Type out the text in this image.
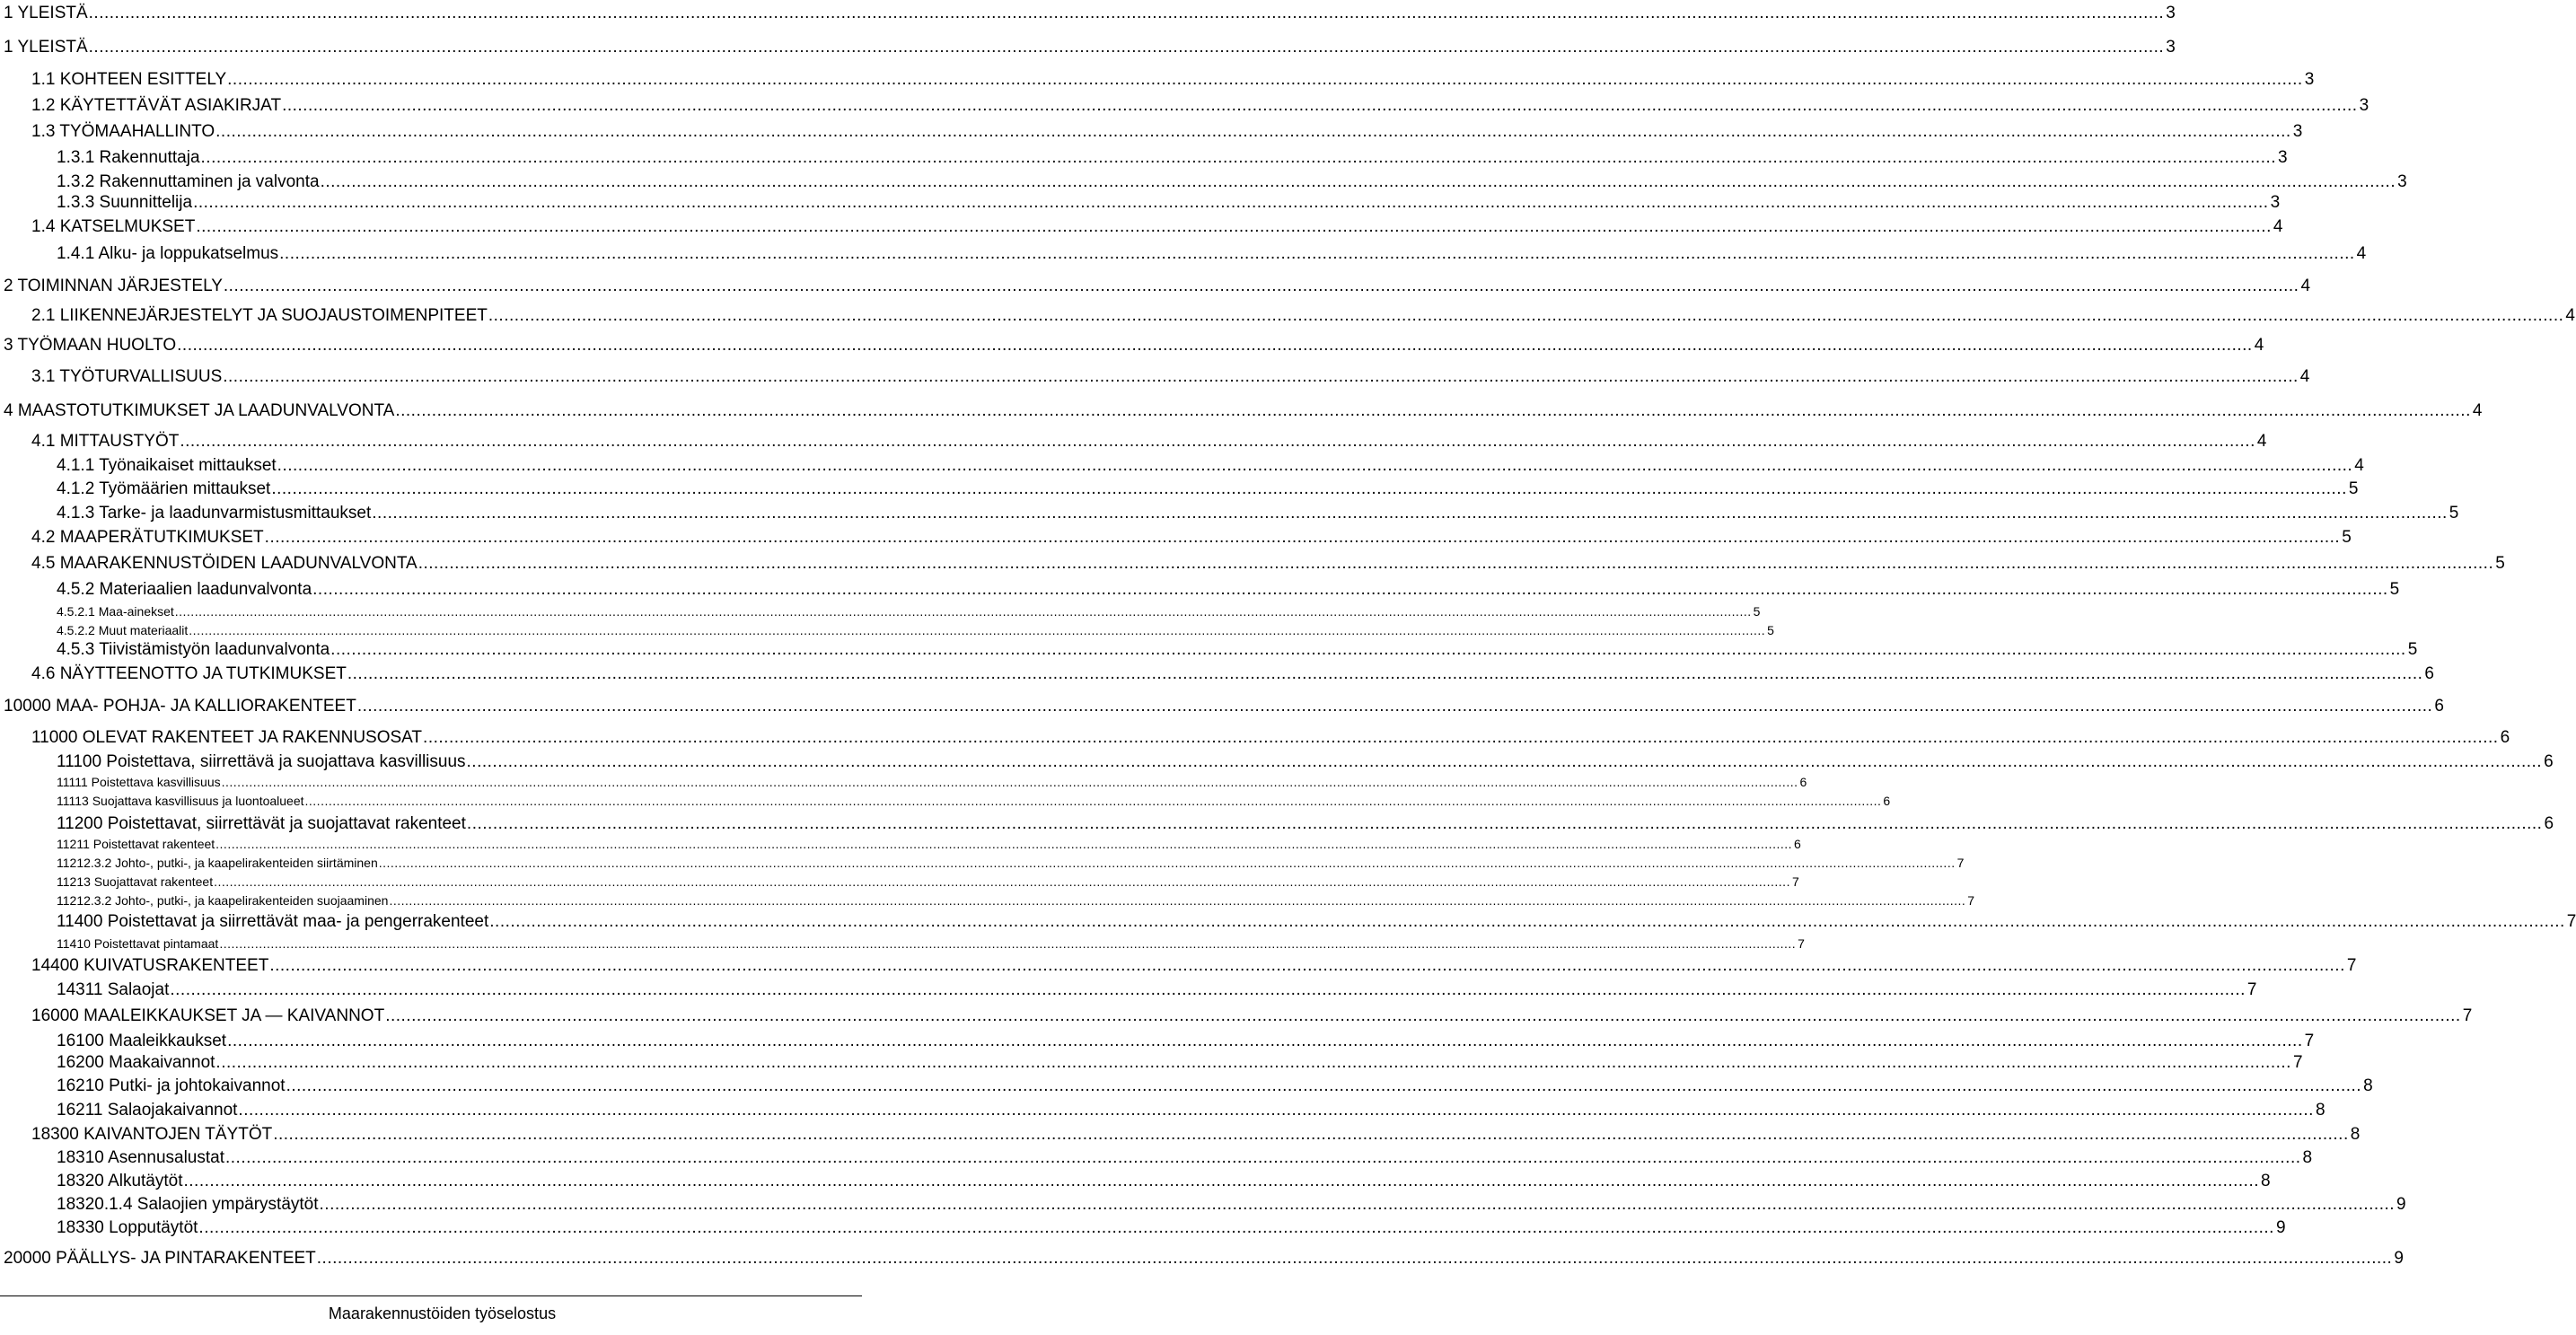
1 YLEISTÄ ................................................................................................................................................................................................................................................................................................................................................................................................................ 3
1 YLEISTÄ ................................................................................................................................................................................................................................................................................................................................................................................................................ 3
1.1 KOHTEEN ESITTELY ................................................................................................................................................................................................................................................................................................................................................................................................................ 3
1.2 KÄYTETTÄVÄT ASIAKIRJAT ................................................................................................................................................................................................................................................................................................................................................................................................................ 3
1.3 TYÖMAAHALLINTO ................................................................................................................................................................................................................................................................................................................................................................................................................ 3
1.3.1 Rakennuttaja ................................................................................................................................................................................................................................................................................................................................................................................................................ 3
1.3.2 Rakennuttaminen ja valvonta ................................................................................................................................................................................................................................................................................................................................................................................................................ 3
1.3.3 Suunnittelija ................................................................................................................................................................................................................................................................................................................................................................................................................ 3
1.4 KATSELMUKSET ................................................................................................................................................................................................................................................................................................................................................................................................................ 4
1.4.1 Alku- ja loppukatselmus ................................................................................................................................................................................................................................................................................................................................................................................................................ 4
2 TOIMINNAN JÄRJESTELY ................................................................................................................................................................................................................................................................................................................................................................................................................ 4
2.1 LIIKENNEJÄRJESTELYT JA SUOJAUSTOIMENPITEET ................................................................................................................................................................................................................................................................................................................................................................................................................ 4
3 TYÖMAAN HUOLTO ................................................................................................................................................................................................................................................................................................................................................................................................................ 4
3.1 TYÖTURVALLISUUS ................................................................................................................................................................................................................................................................................................................................................................................................................ 4
4 MAASTOTUTKIMUKSET JA LAADUNVALVONTA ................................................................................................................................................................................................................................................................................................................................................................................................................ 4
4.1 MITTAUSTYÖT ................................................................................................................................................................................................................................................................................................................................................................................................................ 4
4.1.1 Työnaikaiset mittaukset ................................................................................................................................................................................................................................................................................................................................................................................................................ 4
4.1.2 Työmäärien mittaukset ................................................................................................................................................................................................................................................................................................................................................................................................................ 5
4.1.3 Tarke- ja laadunvarmistusmittaukset ................................................................................................................................................................................................................................................................................................................................................................................................................ 5
4.2 MAAPERÄTUTKIMUKSET ................................................................................................................................................................................................................................................................................................................................................................................................................ 5
4.5 MAARAKENNUSTÖIDEN LAADUNVALVONTA ................................................................................................................................................................................................................................................................................................................................................................................................................ 5
4.5.2 Materiaalien laadunvalvonta ................................................................................................................................................................................................................................................................................................................................................................................................................ 5
4.5.2.1 Maa-ainekset ................................................................................................................................................................................................................................................................................................................................................................................................................ 5
4.5.2.2 Muut materiaalit ................................................................................................................................................................................................................................................................................................................................................................................................................ 5
4.5.3 Tiivistämistyön laadunvalvonta ................................................................................................................................................................................................................................................................................................................................................................................................................ 5
4.6 NÄYTTEENOTTO JA TUTKIMUKSET ................................................................................................................................................................................................................................................................................................................................................................................................................ 6
10000 MAA- POHJA- JA KALLIORAKENTEET ................................................................................................................................................................................................................................................................................................................................................................................................................ 6
11000 OLEVAT RAKENTEET JA RAKENNUSOSAT ................................................................................................................................................................................................................................................................................................................................................................................................................ 6
11100 Poistettava, siirrettävä ja suojattava kasvillisuus ................................................................................................................................................................................................................................................................................................................................................................................................................ 6
11111 Poistettava kasvillisuus ................................................................................................................................................................................................................................................................................................................................................................................................................ 6
11113 Suojattava kasvillisuus ja luontoalueet ................................................................................................................................................................................................................................................................................................................................................................................................................ 6
11200 Poistettavat, siirrettävät ja suojattavat rakenteet ................................................................................................................................................................................................................................................................................................................................................................................................................ 6
11211 Poistettavat rakenteet ................................................................................................................................................................................................................................................................................................................................................................................................................ 6
11212.3.2 Johto-, putki-, ja kaapelirakenteiden siirtäminen ................................................................................................................................................................................................................................................................................................................................................................................................................ 7
11213 Suojattavat rakenteet ................................................................................................................................................................................................................................................................................................................................................................................................................ 7
11212.3.2 Johto-, putki-, ja kaapelirakenteiden suojaaminen ................................................................................................................................................................................................................................................................................................................................................................................................................ 7
11400 Poistettavat ja siirrettävät maa- ja pengerrakenteet ................................................................................................................................................................................................................................................................................................................................................................................................................ 7
11410 Poistettavat pintamaat ................................................................................................................................................................................................................................................................................................................................................................................................................ 7
14400 KUIVATUSRAKENTEET ................................................................................................................................................................................................................................................................................................................................................................................................................ 7
14311 Salaojat ................................................................................................................................................................................................................................................................................................................................................................................................................ 7
16000 MAALEIKKAUKSET JA — KAIVANNOT ................................................................................................................................................................................................................................................................................................................................................................................................................ 7
16100 Maaleikkaukset ................................................................................................................................................................................................................................................................................................................................................................................................................ 7
16200 Maakaivannot ................................................................................................................................................................................................................................................................................................................................................................................................................ 7
16210 Putki- ja johtokaivannot ................................................................................................................................................................................................................................................................................................................................................................................................................ 8
16211 Salaojakaivannot ................................................................................................................................................................................................................................................................................................................................................................................................................ 8
18300 KAIVANTOJEN TÄYTÖT ................................................................................................................................................................................................................................................................................................................................................................................................................ 8
18310 Asennusalustat ................................................................................................................................................................................................................................................................................................................................................................................................................ 8
18320 Alkutäytöt ................................................................................................................................................................................................................................................................................................................................................................................................................ 8
18320.1.4 Salaojien ympärystäytöt ................................................................................................................................................................................................................................................................................................................................................................................................................ 9
18330 Lopputäytöt ................................................................................................................................................................................................................................................................................................................................................................................................................ 9
20000 PÄÄLLYS- JA PINTARAKENTEET ................................................................................................................................................................................................................................................................................................................................................................................................................ 9
Maarakennustöiden työselostus
